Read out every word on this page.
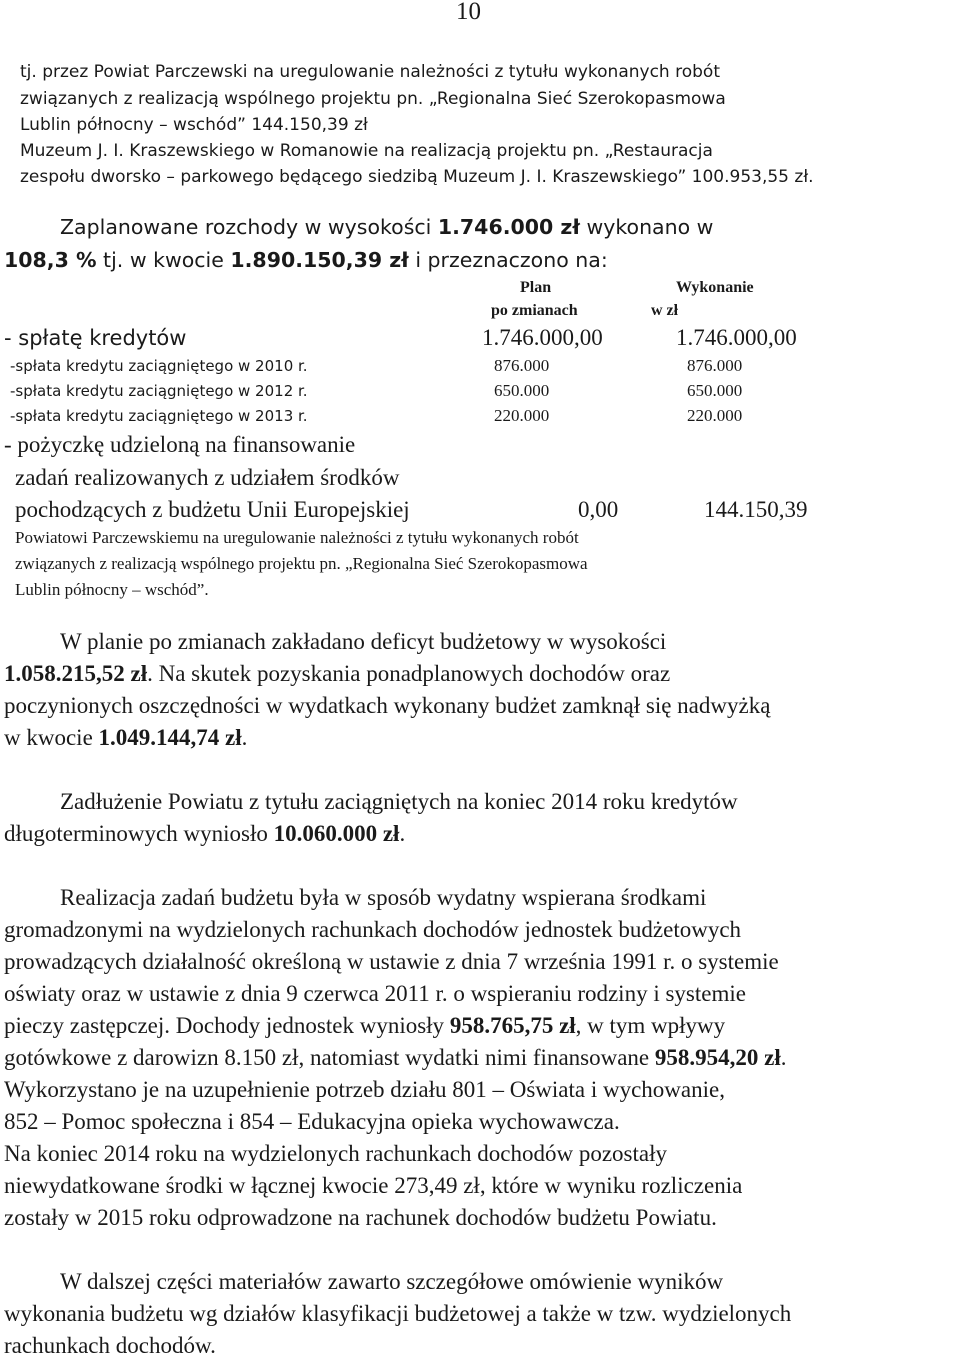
10
tj. przez Powiat Parczewski na uregulowanie należności z tytułu wykonanych robót
związanych z realizacją wspólnego projektu pn. „Regionalna Sieć Szerokopasmowa
Lublin północny – wschód” 144.150,39 zł
Muzeum J. I. Kraszewskiego w Romanowie na realizacją projektu pn. „Restauracja
zespołu dworsko – parkowego będącego siedzibą Muzeum J. I. Kraszewskiego” 100.953,55 zł.
Zaplanowane rozchody w wysokości 1.746.000 zł wykonano w
108,3 % tj. w kwocie 1.890.150,39 zł i przeznaczono na:
Plan
po zmianach
Wykonanie
w zł
- spłatę kredytów	1.746.000,00	1.746.000,00
-spłata kredytu zaciągniętego w 2010 r.	876.000	876.000
-spłata kredytu zaciągniętego w 2012 r.	650.000	650.000
-spłata kredytu zaciągniętego w 2013 r.	220.000	220.000
- pożyczkę udzieloną na finansowanie
zadań realizowanych z udziałem środków
pochodzących z budżetu Unii Europejskiej	0,00	144.150,39
Powiatowi Parczewskiemu na uregulowanie należności z tytułu wykonanych robót
związanych z realizacją wspólnego projektu pn. „Regionalna Sieć Szerokopasmowa
Lublin północny – wschód”.
W planie po zmianach zakładano deficyt budżetowy w wysokości
1.058.215,52 zł. Na skutek pozyskania ponadplanowych dochodów oraz
poczynionych oszczędności w wydatkach wykonany budżet zamknął się nadwyżką
w kwocie 1.049.144,74 zł.
Zadłużenie Powiatu z tytułu zaciągniętych na koniec 2014 roku kredytów
długoterminowych wyniosło 10.060.000 zł.
Realizacja zadań budżetu była w sposób wydatny wspierana środkami
gromadzonymi na wydzielonych rachunkach dochodów jednostek budżetowych
prowadzących działalność określoną w ustawie z dnia 7 września 1991 r. o systemie
oświaty oraz w ustawie z dnia 9 czerwca 2011 r. o wspieraniu rodziny i systemie
pieczy zastępczej. Dochody jednostek wyniosły 958.765,75 zł, w tym wpływy
gotówkowe z darowizn 8.150 zł, natomiast wydatki nimi finansowane 958.954,20 zł.
Wykorzystano je na uzupełnienie potrzeb działu 801 – Oświata i wychowanie,
852 – Pomoc społeczna i 854 – Edukacyjna opieka wychowawcza.
Na koniec 2014 roku na wydzielonych rachunkach dochodów pozostały
niewydatkowane środki w łącznej kwocie 273,49 zł, które w wyniku rozliczenia
zostały w 2015 roku odprowadzone na rachunek dochodów budżetu Powiatu.
W dalszej części materiałów zawarto szczegółowe omówienie wyników
wykonania budżetu wg działów klasyfikacji budżetowej a także w tzw. wydzielonych
rachunkach dochodów.
